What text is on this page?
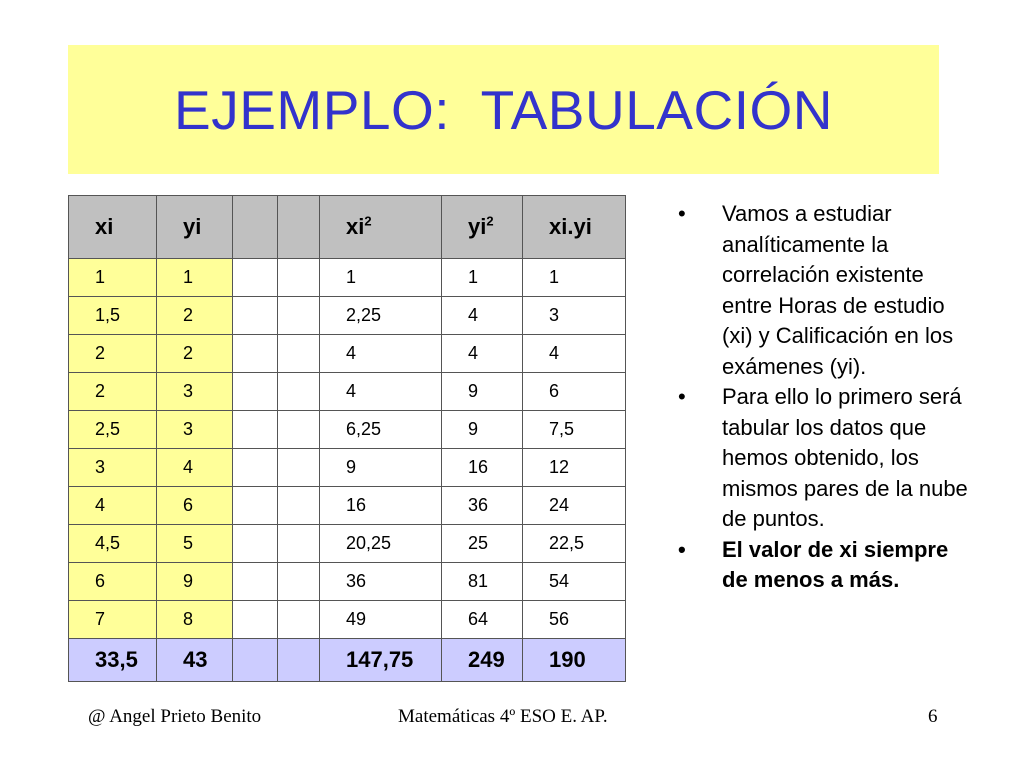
EJEMPLO:  TABULACIÓN
xi	yi			$xi^2$	$yi^2$	xi.yi
1	1			1	1	1
1,5	2			2,25	4	3
2	2			4	4	4
2	3			4	9	6
2,5	3			6,25	9	7,5
3	4			9	16	12
4	6			16	36	24
4,5	5			20,25	25	22,5
6	9			36	81	54
7	8			49	64	56
33,5	43			147,75	249	190
• Vamos a estudiar analíticamente la correlación existente entre Horas de estudio (xi) y Calificación en los exámenes (yi).
• Para ello lo primero será tabular los datos que hemos obtenido, los mismos pares de la nube de puntos.
• El valor de xi siempre de menos a más.
@ Angel Prieto Benito	Matemáticas 4º ESO E. AP.	6
